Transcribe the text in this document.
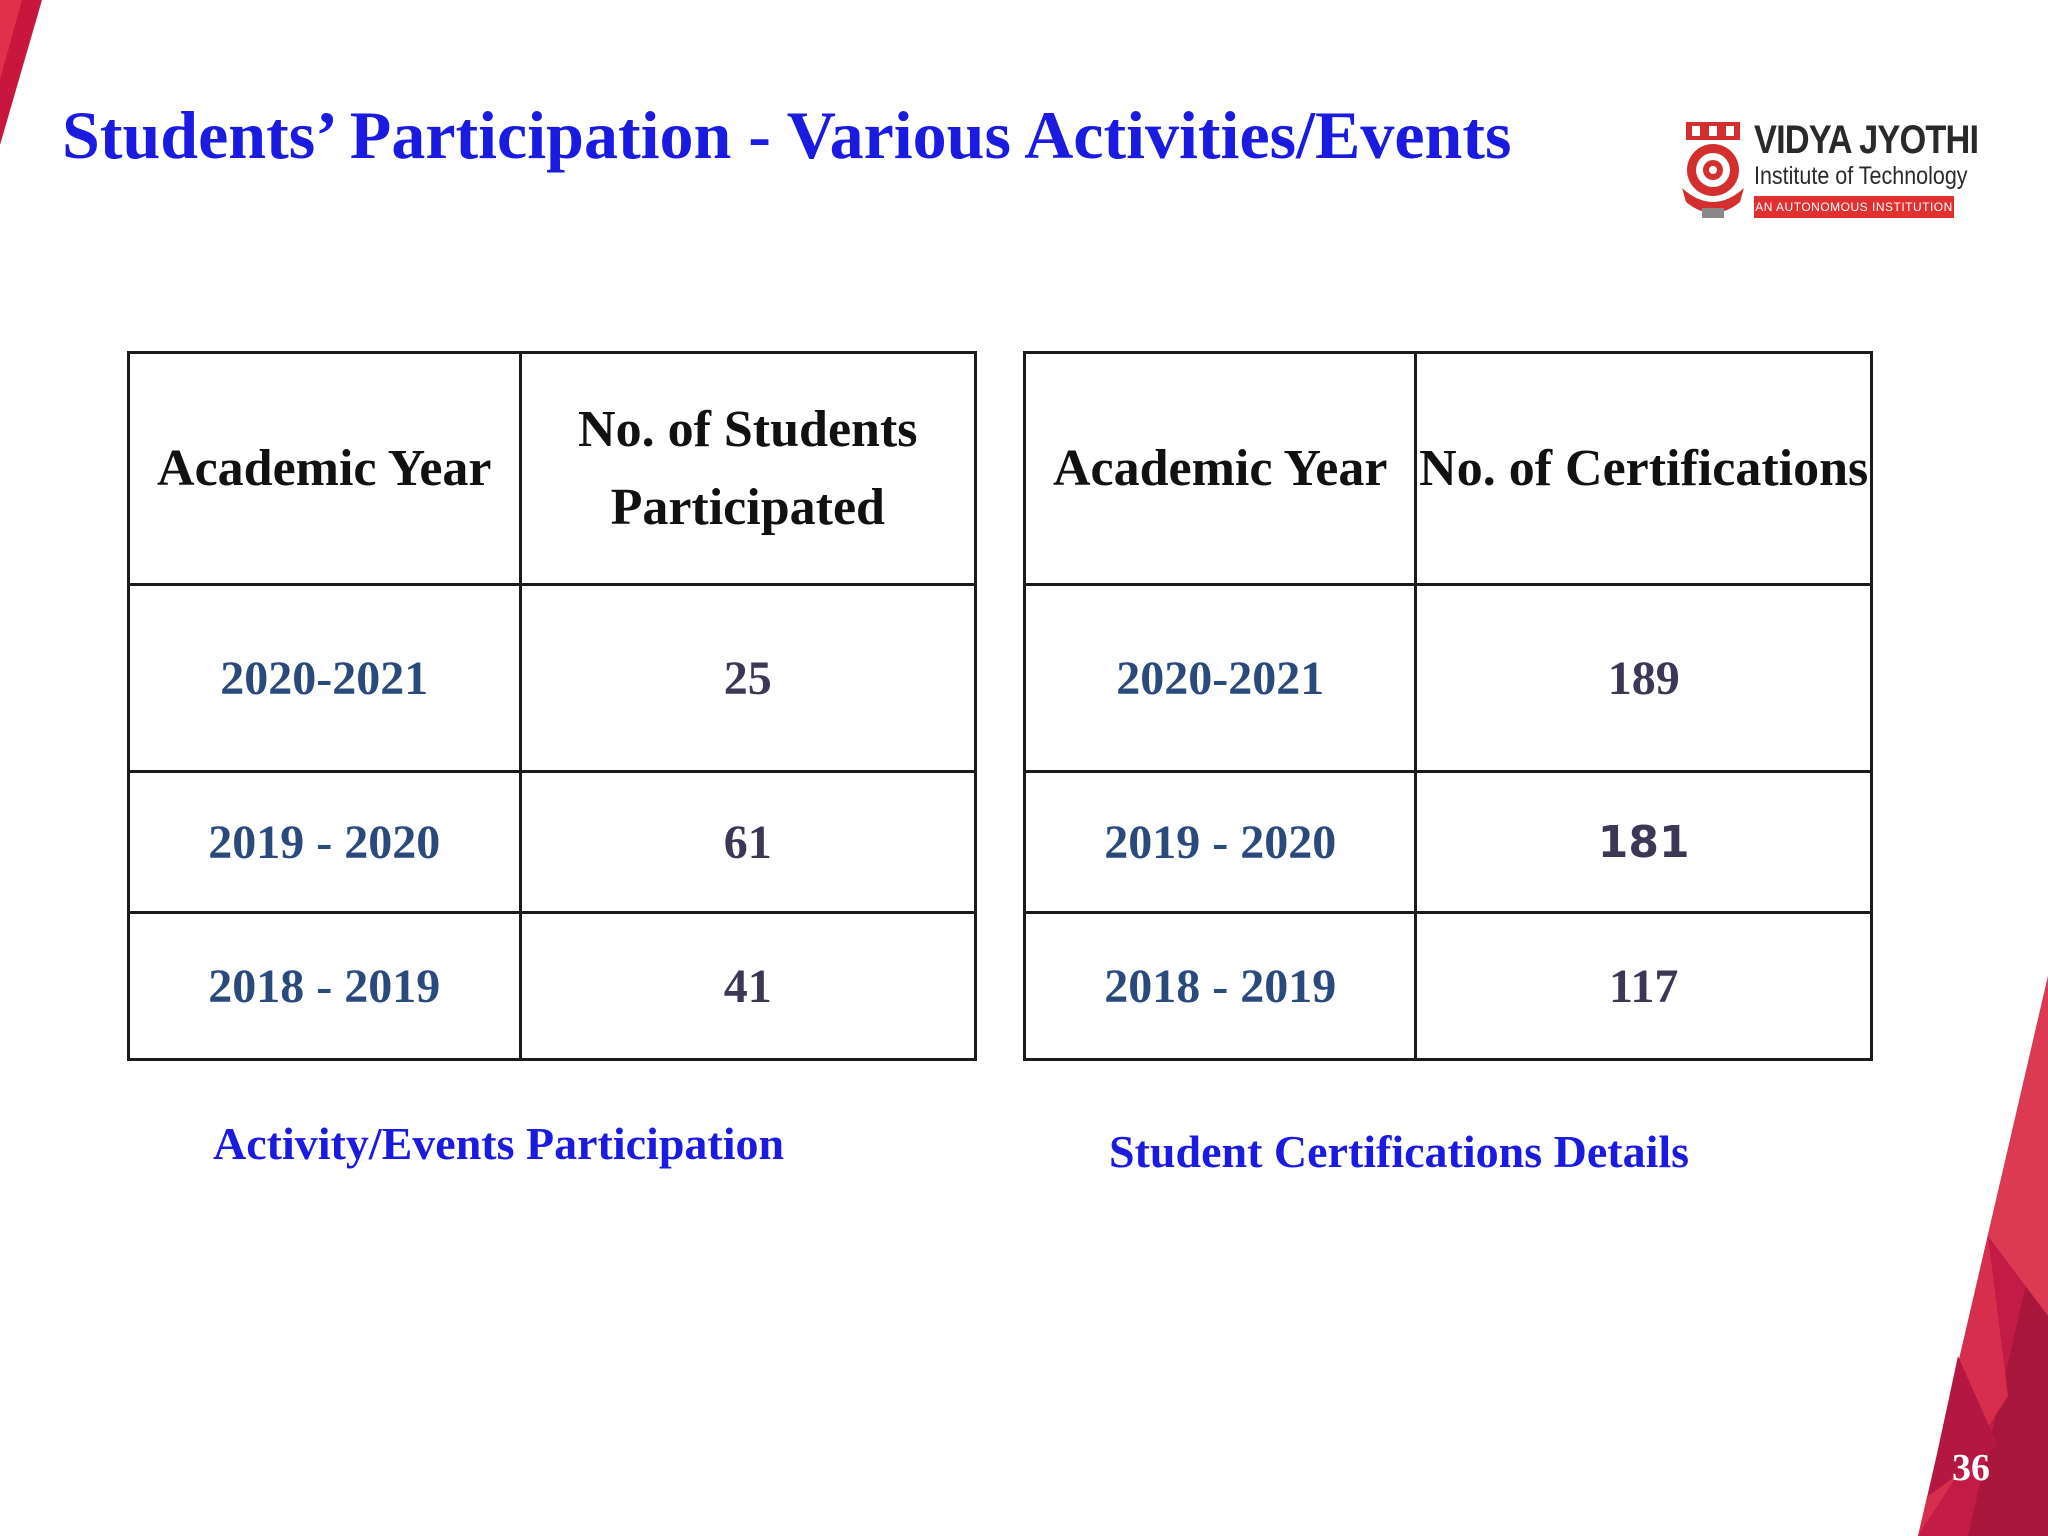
Students’ Participation - Various Activities/Events	VIDYA JYOTHI
Institute of Technology
AN AUTONOMOUS INSTITUTION
Academic Year	No. of Students Participated
2020-2021	25
2019 - 2020	61
2018 - 2019	41
Academic Year	No. of Certifications
2020-2021	189
2019 - 2020	181
2018 - 2019	117

Activity/Events Participation	Student Certifications Details

36
